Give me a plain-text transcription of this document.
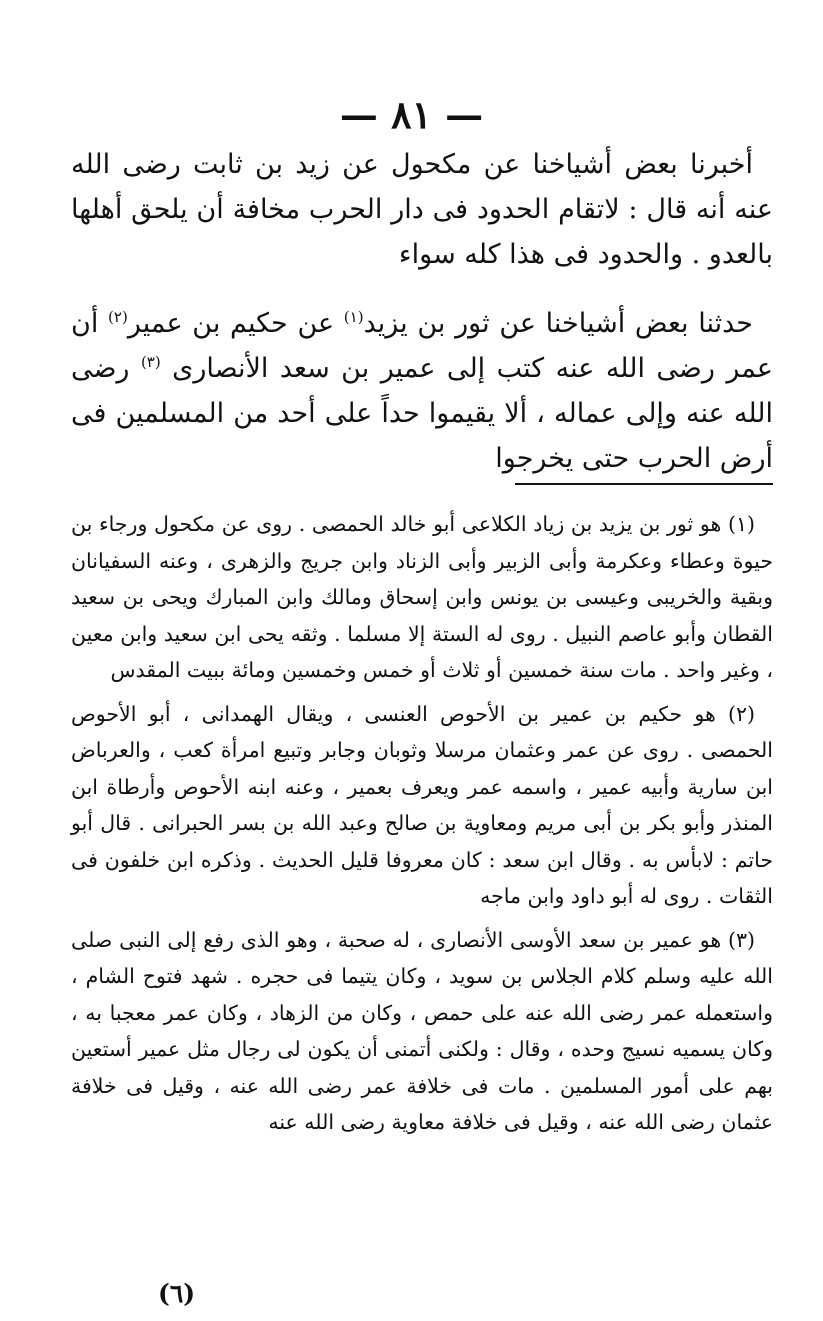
— ٨١ —

أخبرنا بعض أشياخنا عن مكحول عن زيد بن ثابت رضى الله عنه أنه قال : لاتقام الحدود فى دار الحرب مخافة أن يلحق أهلها بالعدو . والحدود فى هذا كله سواء

حدثنا بعض أشياخنا عن ثور بن يزيد$^{(١)}$ عن حكيم بن عمير$^{(٢)}$ أن عمر رضى الله عنه كتب إلى عمير بن سعد الأنصارى $^{(٣)}$ رضى الله عنه وإلى عماله ، ألا يقيموا حداً على أحد من المسلمين فى أرض الحرب حتى يخرجوا

(١) هو ثور بن يزيد بن زياد الكلاعى أبو خالد الحمصى . روى عن مكحول ورجاء بن حيوة وعطاء وعكرمة وأبى الزبير وأبى الزناد وابن جريج والزهرى ، وعنه السفيانان وبقية والخريبى وعيسى بن يونس وابن إسحاق ومالك وابن المبارك ويحى بن سعيد القطان وأبو عاصم النبيل . روى له الستة إلا مسلما . وثقه يحى ابن سعيد وابن معين ، وغير واحد . مات سنة خمسين أو ثلاث أو خمس وخمسين ومائة ببيت المقدس

(٢) هو حكيم بن عمير بن الأحوص العنسى ، ويقال الهمدانى ، أبو الأحوص الحمصى . روى عن عمر وعثمان مرسلا وثوبان وجابر وتبيع امرأة كعب ، والعرباض ابن سارية وأبيه عمير ، واسمه عمر ويعرف بعمير ، وعنه ابنه الأحوص وأرطاة ابن المنذر وأبو بكر بن أبى مريم ومعاوية بن صالح وعبد الله بن بسر الحبرانى . قال أبو حاتم : لابأس به . وقال ابن سعد : كان معروفا قليل الحديث . وذكره ابن خلفون فى الثقات . روى له أبو داود وابن ماجه

(٣) هو عمير بن سعد الأوسى الأنصارى ، له صحبة ، وهو الذى رفع إلى النبى صلى الله عليه وسلم كلام الجلاس بن سويد ، وكان يتيما فى حجره . شهد فتوح الشام ، واستعمله عمر رضى الله عنه على حمص ، وكان من الزهاد ، وكان عمر معجبا به ، وكان يسميه نسيج وحده ، وقال : ولكنى أتمنى أن يكون لى رجال مثل عمير أستعين بهم على أمور المسلمين . مات فى خلافة عمر رضى الله عنه ، وقيل فى خلافة عثمان رضى الله عنه ، وقيل فى خلافة معاوية رضى الله عنه

(٦)
